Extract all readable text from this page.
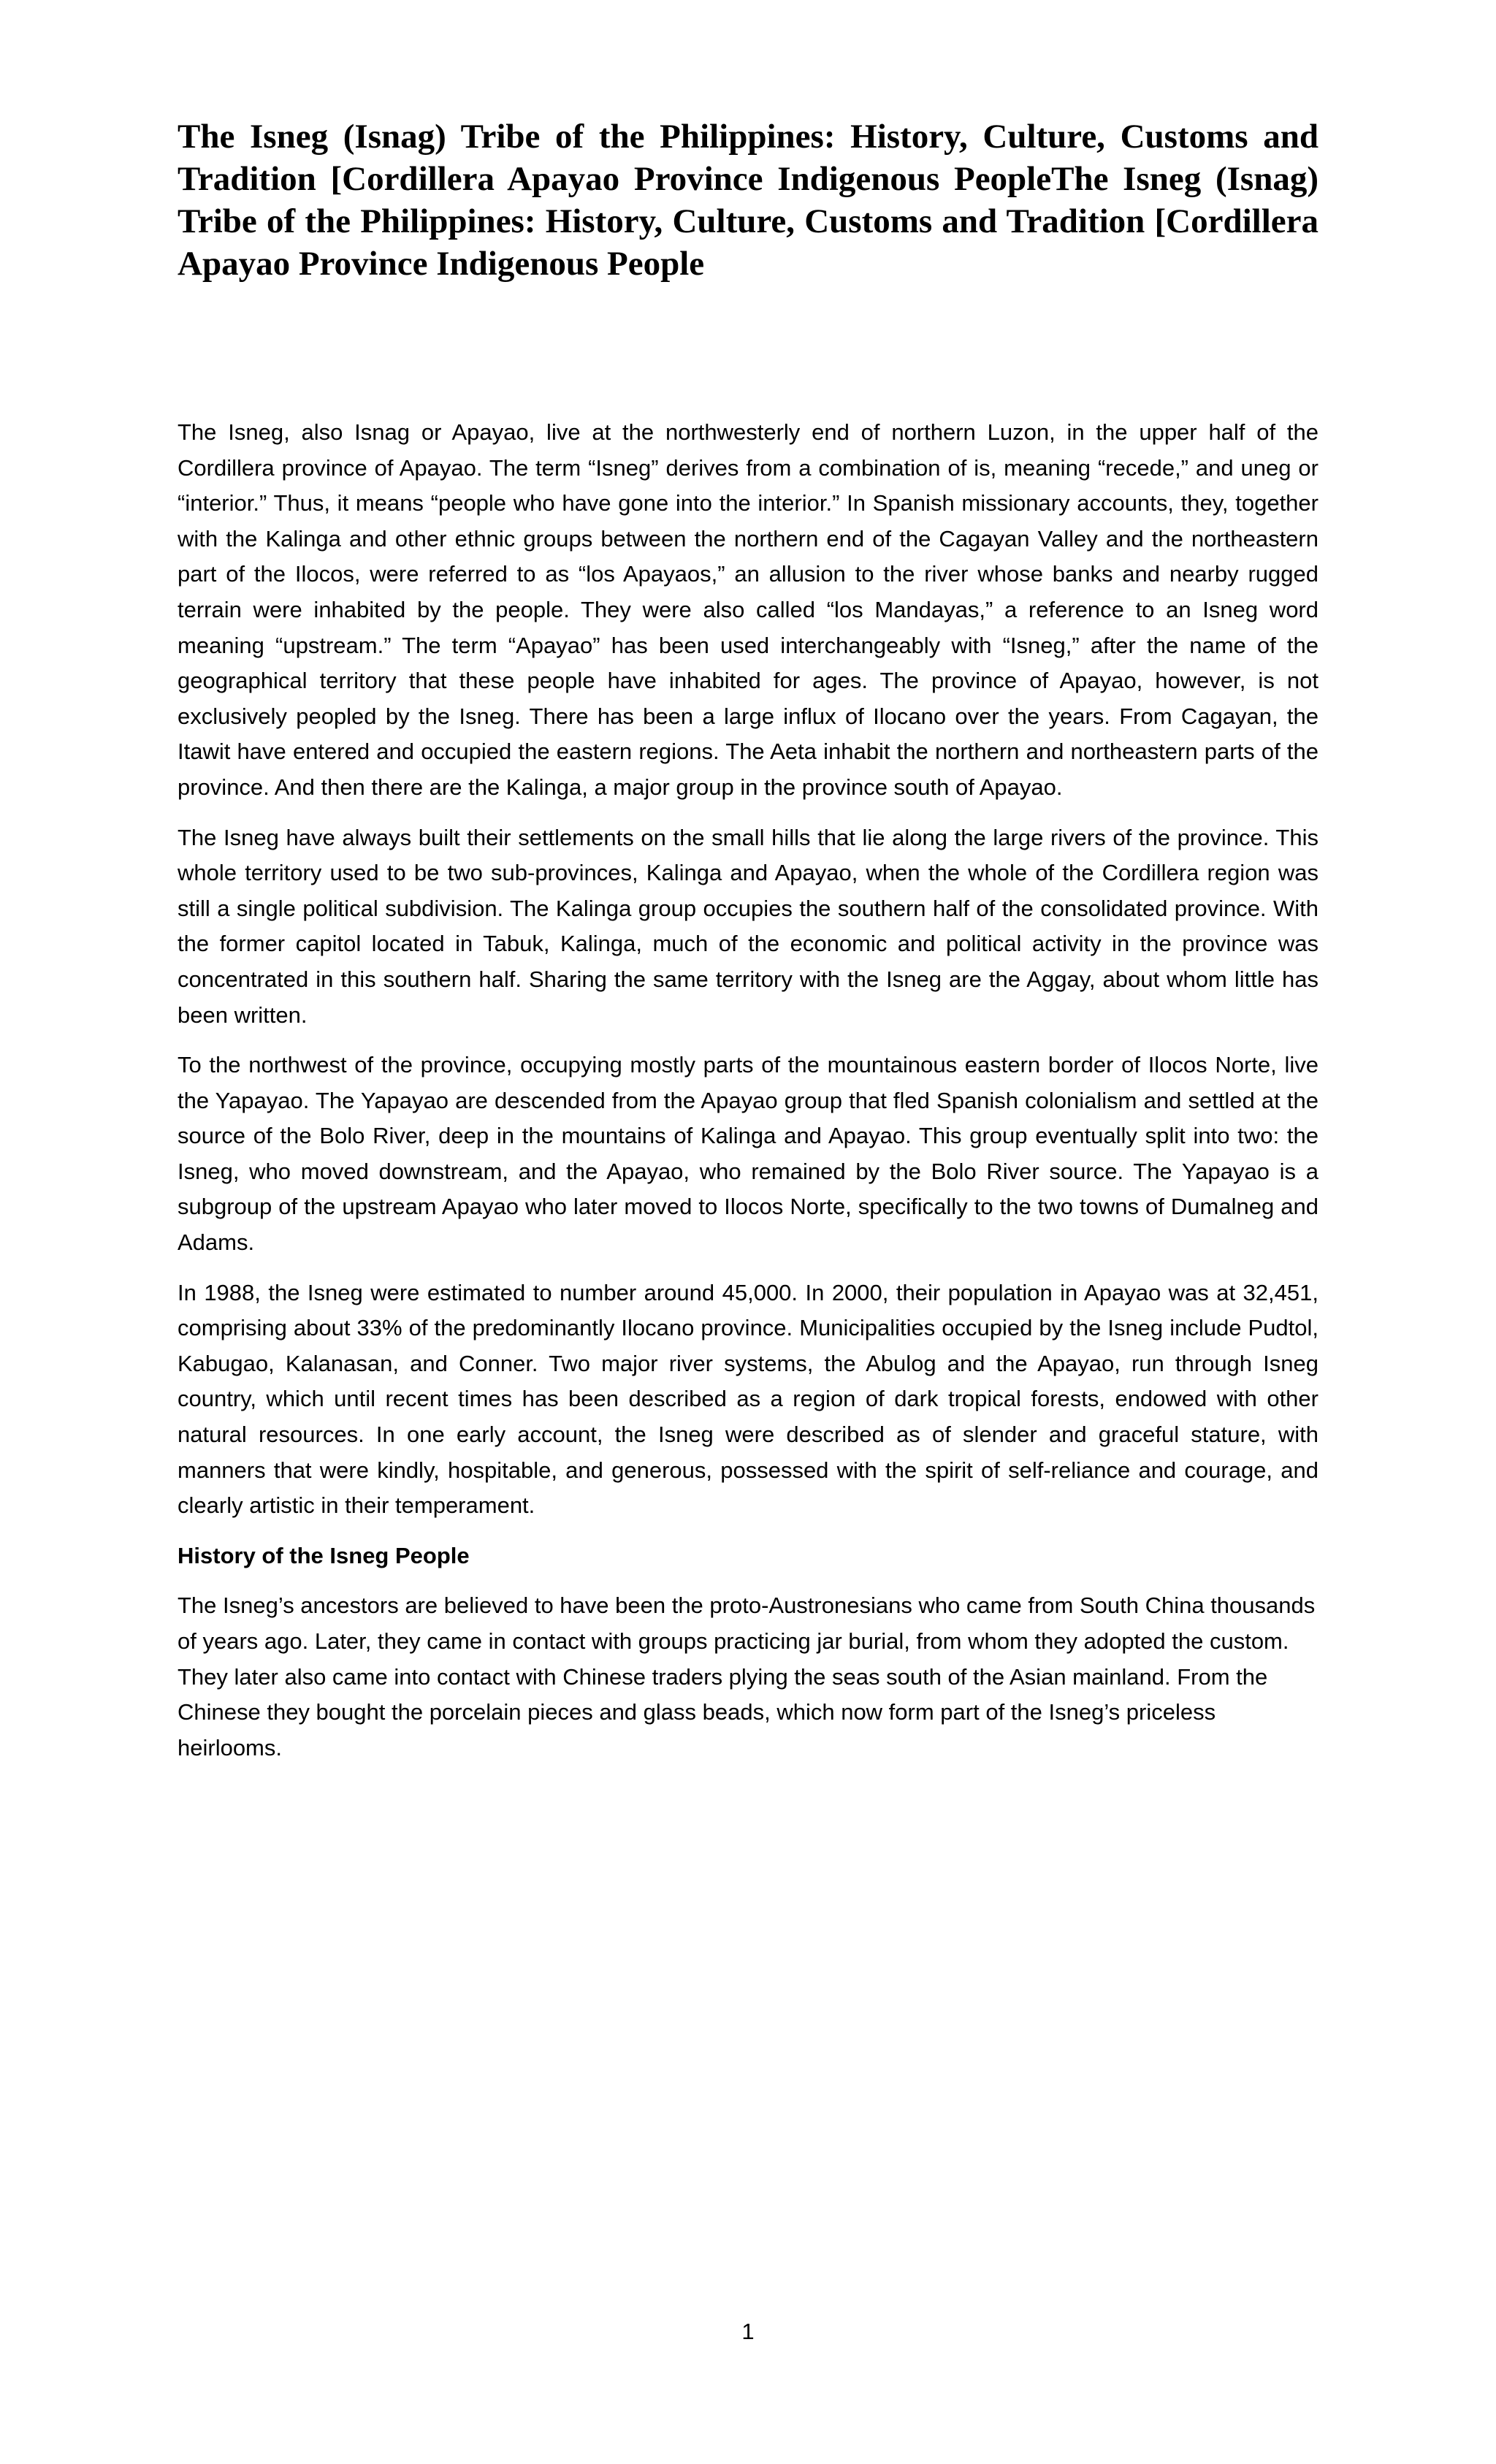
The Isneg (Isnag) Tribe of the Philippines: History, Culture, Customs and Tradition [Cordillera Apayao Province Indigenous PeopleThe Isneg (Isnag) Tribe of the Philippines: History, Culture, Customs and Tradition [Cordillera Apayao Province Indigenous People

The Isneg, also Isnag or Apayao, live at the northwesterly end of northern Luzon, in the upper half of the Cordillera province of Apayao. The term “Isneg” derives from a combination of is, meaning “recede,” and uneg or “interior.” Thus, it means “people who have gone into the interior.” In Spanish missionary accounts, they, together with the Kalinga and other ethnic groups between the northern end of the Cagayan Valley and the northeastern part of the Ilocos, were referred to as “los Apayaos,” an allusion to the river whose banks and nearby rugged terrain were inhabited by the people. They were also called “los Mandayas,” a reference to an Isneg word meaning “upstream.” The term “Apayao” has been used interchangeably with “Isneg,” after the name of the geographical territory that these people have inhabited for ages. The province of Apayao, however, is not exclusively peopled by the Isneg. There has been a large influx of Ilocano over the years. From Cagayan, the Itawit have entered and occupied the eastern regions. The Aeta inhabit the northern and northeastern parts of the province. And then there are the Kalinga, a major group in the province south of Apayao.

The Isneg have always built their settlements on the small hills that lie along the large rivers of the province. This whole territory used to be two sub-provinces, Kalinga and Apayao, when the whole of the Cordillera region was still a single political subdivision. The Kalinga group occupies the southern half of the consolidated province. With the former capitol located in Tabuk, Kalinga, much of the economic and political activity in the province was concentrated in this southern half. Sharing the same territory with the Isneg are the Aggay, about whom little has been written.

To the northwest of the province, occupying mostly parts of the mountainous eastern border of Ilocos Norte, live the Yapayao. The Yapayao are descended from the Apayao group that fled Spanish colonialism and settled at the source of the Bolo River, deep in the mountains of Kalinga and Apayao. This group eventually split into two: the Isneg, who moved downstream, and the Apayao, who remained by the Bolo River source. The Yapayao is a subgroup of the upstream Apayao who later moved to Ilocos Norte, specifically to the two towns of Dumalneg and Adams.

In 1988, the Isneg were estimated to number around 45,000. In 2000, their population in Apayao was at 32,451, comprising about 33% of the predominantly Ilocano province. Municipalities occupied by the Isneg include Pudtol, Kabugao, Kalanasan, and Conner. Two major river systems, the Abulog and the Apayao, run through Isneg country, which until recent times has been described as a region of dark tropical forests, endowed with other natural resources. In one early account, the Isneg were described as of slender and graceful stature, with manners that were kindly, hospitable, and generous, possessed with the spirit of self-reliance and courage, and clearly artistic in their temperament.

History of the Isneg People

The Isneg’s ancestors are believed to have been the proto-Austronesians who came from South China thousands of years ago. Later, they came in contact with groups practicing jar burial, from whom they adopted the custom. They later also came into contact with Chinese traders plying the seas south of the Asian mainland. From the Chinese they bought the porcelain pieces and glass beads, which now form part of the Isneg’s priceless heirlooms.

1
